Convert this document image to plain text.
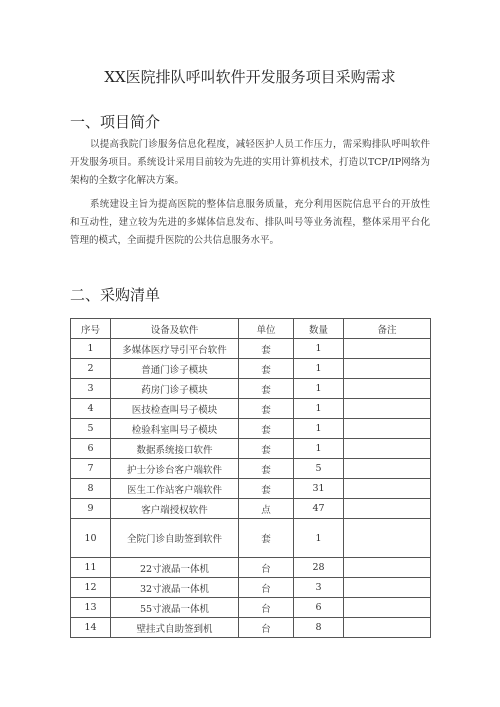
XX医院排队呼叫软件开发服务项目采购需求
一、项目简介

以提高我院门诊服务信息化程度，减轻医护人员工作压力，需采购排队呼叫软件开发服务项目。系统设计采用目前较为先进的实用计算机技术，打造以TCP/IP网络为架构的全数字化解决方案。

系统建设主旨为提高医院的整体信息服务质量，充分利用医院信息平台的开放性和互动性，建立较为先进的多媒体信息发布、排队叫号等业务流程，整体采用平台化管理的模式，全面提升医院的公共信息服务水平。

二、采购清单
序号	设备及软件	单位	数量	备注
1	多媒体医疗导引平台软件	套	1	
2	普通门诊子模块	套	1	
3	药房门诊子模块	套	1	
4	医技检查叫号子模块	套	1	
5	检验科室叫号子模块	套	1	
6	数据系统接口软件	套	1	
7	护士分诊台客户端软件	套	5	
8	医生工作站客户端软件	套	31	
9	客户端授权软件	点	47	
10	全院门诊自助签到软件	套	1	
11	22寸液晶一体机	台	28	
12	32寸液晶一体机	台	3	
13	55寸液晶一体机	台	6	
14	壁挂式自助签到机	台	8	
